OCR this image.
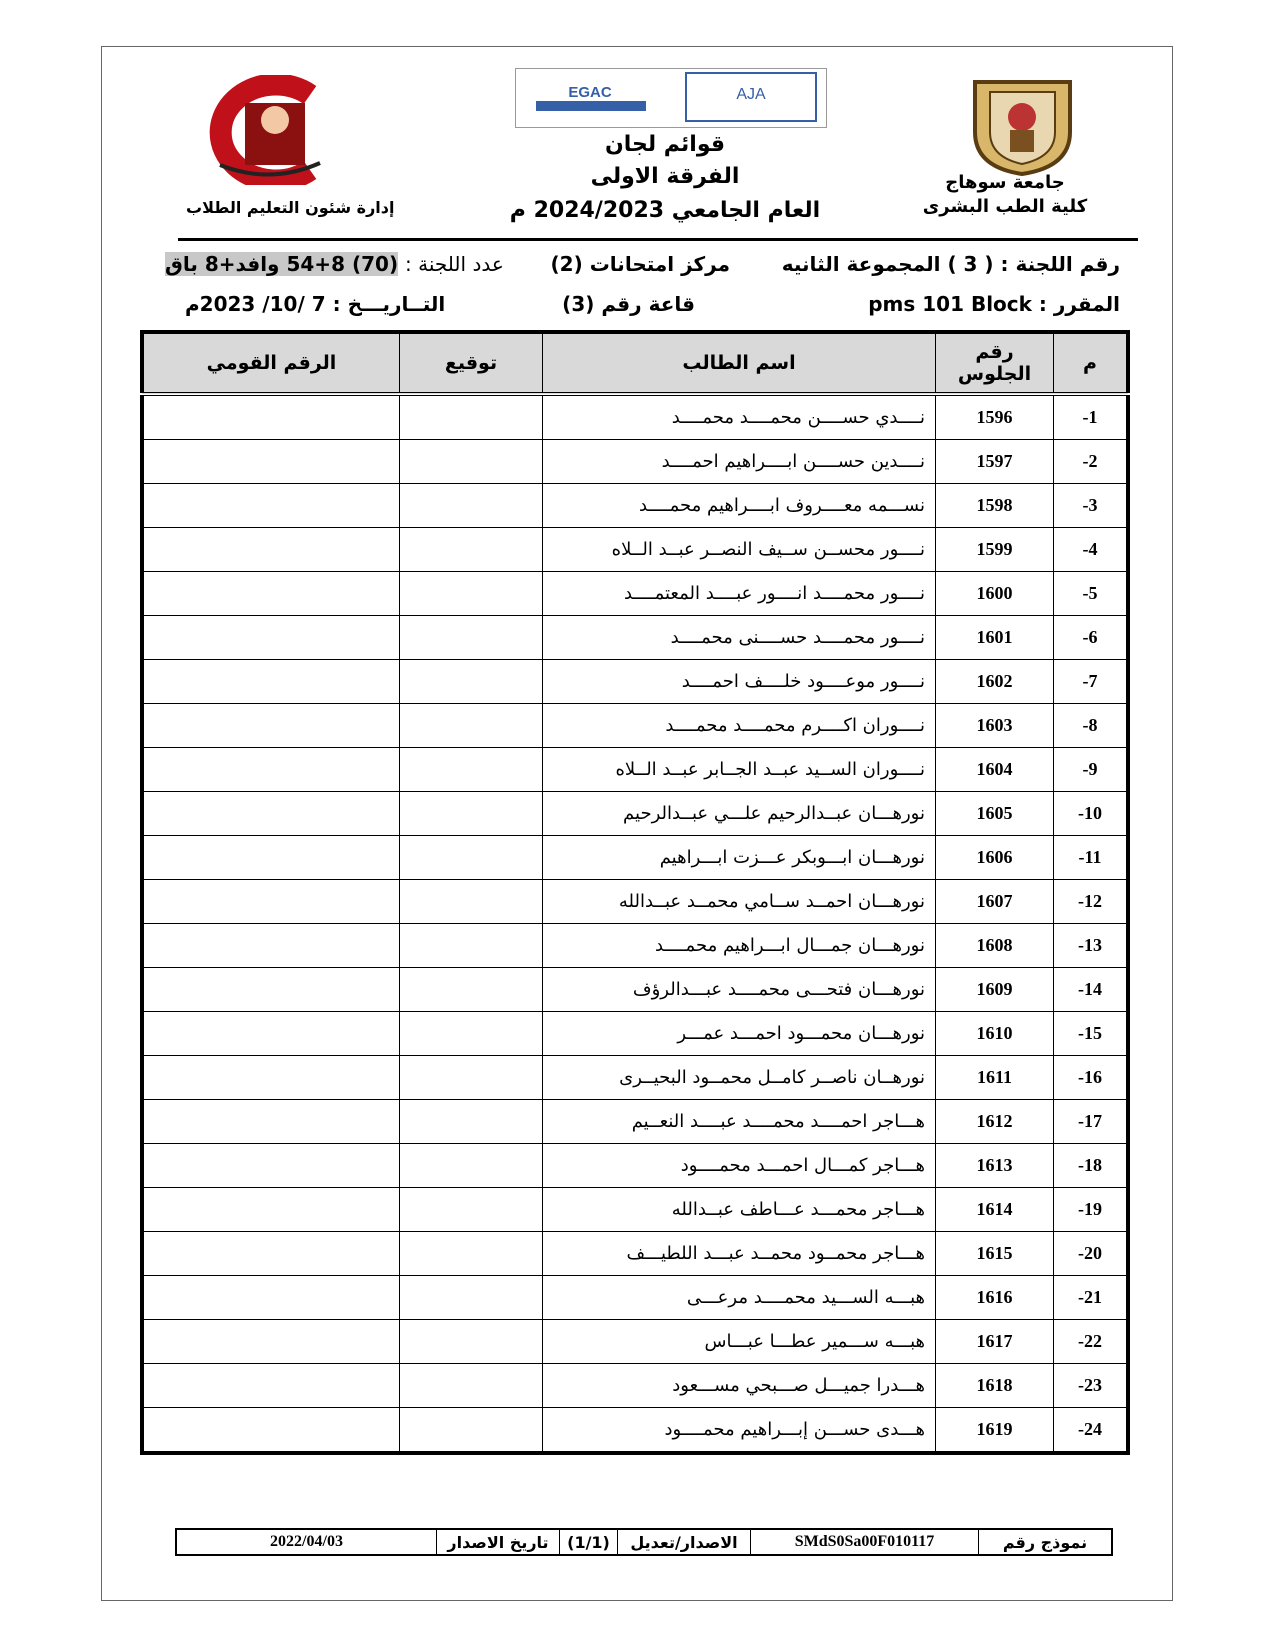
إدارة شئون التعليم الطلاب
EGAC	AJA
جامعة سوهاج
كلية الطب البشرى
قوائم لجان
الفرقة الاولى
العام الجامعي 2024/2023 م
رقم اللجنة : ( 3 ) المجموعة الثانيه
مركز امتحانات (2)
عدد اللجنة : (70) 8+54 وافد+8 باق
المقرر : pms 101 Block
قاعة رقم (3)
التــاريـــخ : 7 /10/ 2023م
م	رقم الجلوس	اسم الطالب	توقيع	الرقم القومي
1-	1596	نــــدي حســــن محمــــد محمــــد		
2-	1597	نــــدين حســــن ابــــراهيم احمــــد		
3-	1598	نســـمه معــــروف ابــــراهيم محمــــد		
4-	1599	نــــور محســن ســيف النصــر عبــد الــلاه		
5-	1600	نــــور محمــــد انــــور عبــــد المعتمــــد		
6-	1601	نــــور محمــــد حســــنى محمــــد		
7-	1602	نــــور موعــــود خلــــف احمــــد		
8-	1603	نــــوران اكــــرم محمــــد محمــــد		
9-	1604	نــــوران الســيد عبــد الجــابر عبــد الــلاه		
10-	1605	نورهـــان عبــدالرحيم علـــي عبــدالرحيم		
11-	1606	نورهـــان ابـــوبكر عـــزت ابـــراهيم		
12-	1607	نورهـــان احمــد ســامي محمــد عبــدالله		
13-	1608	نورهـــان جمـــال ابـــراهيم محمــــد		
14-	1609	نورهـــان فتحـــى محمــــد عبـــدالرؤف		
15-	1610	نورهـــان محمـــود احمـــد عمـــر		
16-	1611	نورهــان ناصــر كامــل محمــود البحيــرى		
17-	1612	هـــاجر احمــــد محمــــد عبــــد النعــيم		
18-	1613	هـــاجر كمـــال احمـــد محمــــود		
19-	1614	هـــاجر محمـــد عـــاطف عبــدالله		
20-	1615	هـــاجر محمــود محمــد عبـــد اللطيـــف		
21-	1616	هبـــه الســـيد محمــــد مرعـــى		
22-	1617	هبـــه ســـمير عطـــا عبـــاس		
23-	1618	هـــدرا جميـــل صـــبحي مســـعود		
24-	1619	هـــدى حســـن إبـــراهيم محمــــود		
نموذج رقم	SMdS0Sa00F010117	الاصدار/تعديل	(1/1)	تاريخ الاصدار	2022/04/03
